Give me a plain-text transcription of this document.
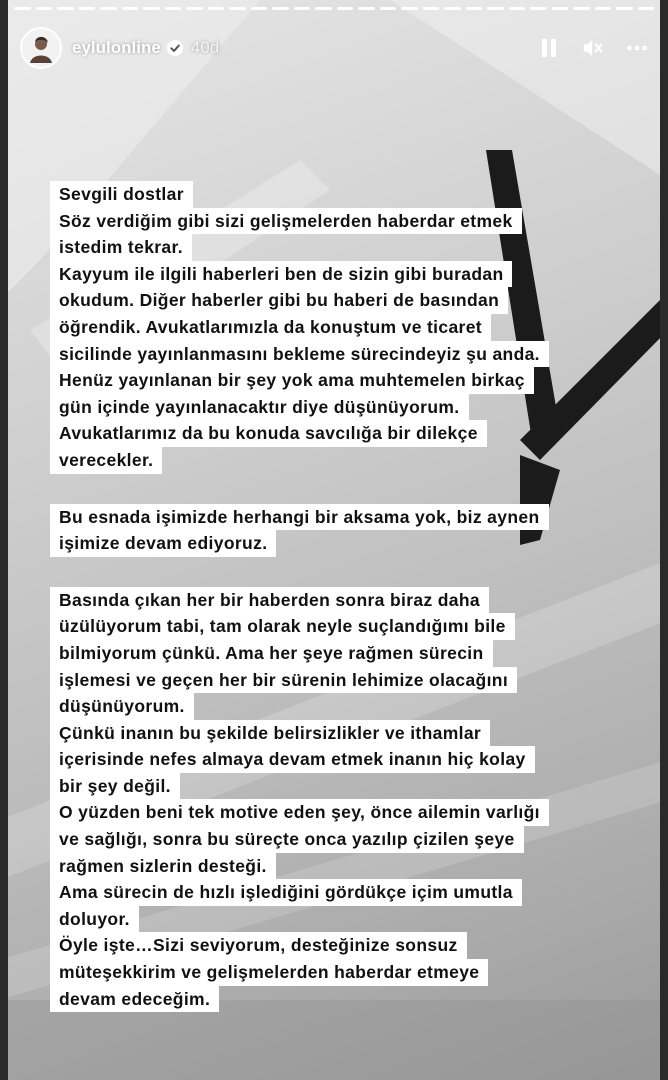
eylulonline 40d
Sevgili dostlar
Söz verdiğim gibi sizi gelişmelerden haberdar etmek
istedim tekrar.
Kayyum ile ilgili haberleri ben de sizin gibi buradan
okudum. Diğer haberler gibi bu haberi de basından
öğrendik. Avukatlarımızla da konuştum ve ticaret
sicilinde yayınlanmasını bekleme sürecindeyiz şu anda.
Henüz yayınlanan bir şey yok ama muhtemelen birkaç
gün içinde yayınlanacaktır diye düşünüyorum.
Avukatlarımız da bu konuda savcılığa bir dilekçe
verecekler.
Bu esnada işimizde herhangi bir aksama yok, biz aynen
işimize devam ediyoruz.
Basında çıkan her bir haberden sonra biraz daha
üzülüyorum tabi, tam olarak neyle suçlandığımı bile
bilmiyorum çünkü. Ama her şeye rağmen sürecin
işlemesi ve geçen her bir sürenin lehimize olacağını
düşünüyorum.
Çünkü inanın bu şekilde belirsizlikler ve ithamlar
içerisinde nefes almaya devam etmek inanın hiç kolay
bir şey değil.
O yüzden beni tek motive eden şey, önce ailemin varlığı
ve sağlığı, sonra bu süreçte onca yazılıp çizilen şeye
rağmen sizlerin desteği.
Ama sürecin de hızlı işlediğini gördükçe içim umutla
doluyor.
Öyle işte…Sizi seviyorum, desteğinize sonsuz
müteşekkirim ve gelişmelerden haberdar etmeye
devam edeceğim.
